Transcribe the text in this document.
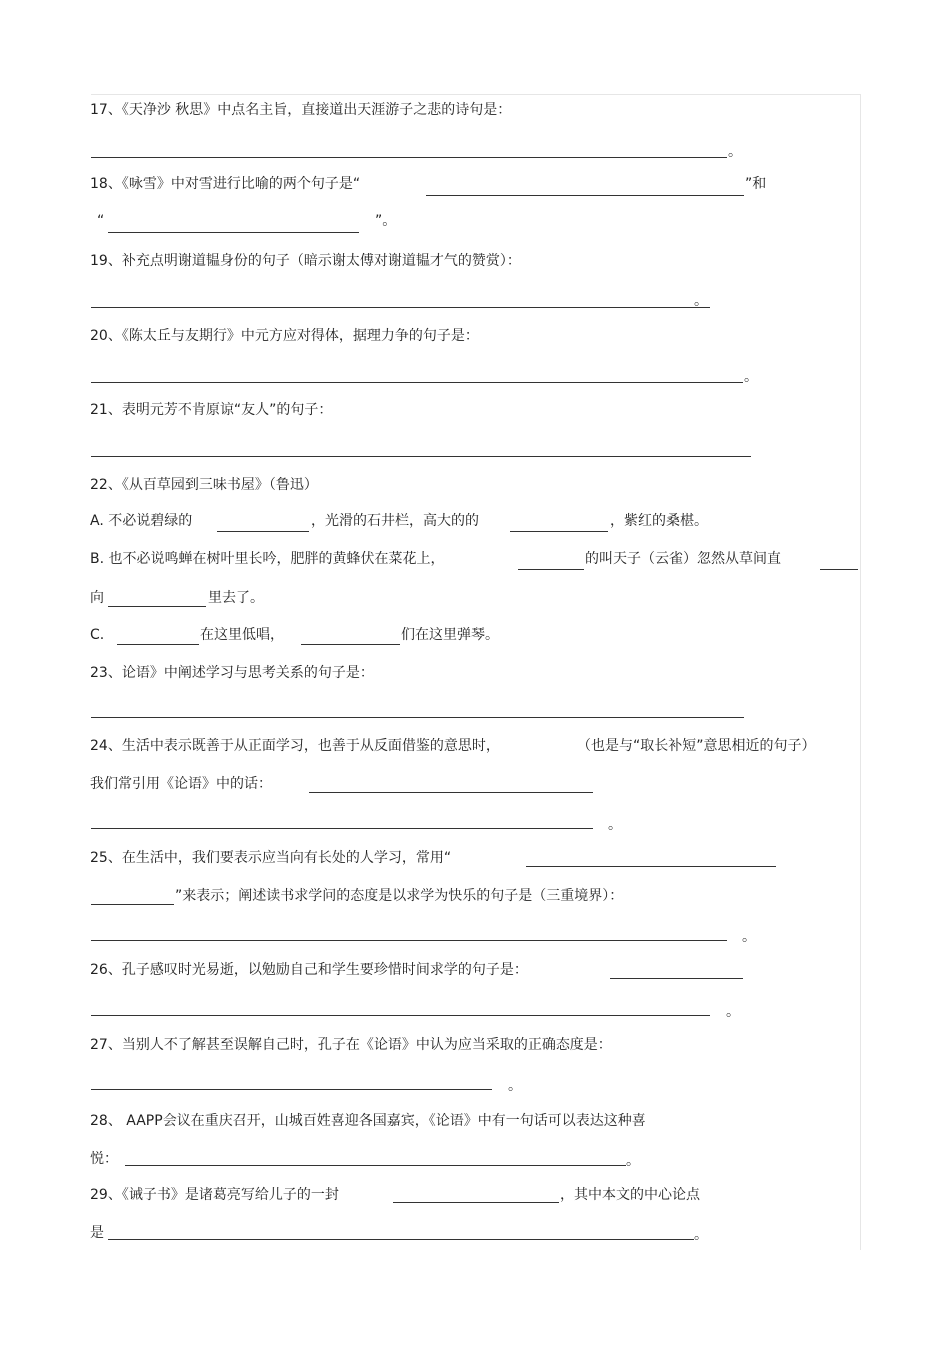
17、《天净沙 秋思》中点名主旨，直接道出天涯游子之悲的诗句是：
。
18、《咏雪》中对雪进行比喻的两个句子是“	”和
“	”。
19、补充点明谢道韫身份的句子（暗示谢太傅对谢道韫才气的赞赏）：
。
20、《陈太丘与友期行》中元方应对得体，据理力争的句子是：
。
21、表明元芳不肯原谅“友人”的句子：
22、《从百草园到三味书屋》（鲁迅）
A. 不必说碧绿的	，光滑的石井栏，高大的的	，紫红的桑椹。
B. 也不必说鸣蝉在树叶里长吟，肥胖的黄蜂伏在菜花上，	的叫天子（云雀）忽然从草间直
向	里去了。
C.	在这里低唱，	们在这里弹琴。
23、论语》中阐述学习与思考关系的句子是：
24、生活中表示既善于从正面学习，也善于从反面借鉴的意思时，	（也是与“取长补短”意思相近的句子）
我们常引用《论语》中的话：
。
25、在生活中，我们要表示应当向有长处的人学习，常用“
”来表示；阐述读书求学问的态度是以求学为快乐的句子是（三重境界）：
。
26、孔子感叹时光易逝，以勉励自己和学生要珍惜时间求学的句子是：
。
27、当别人不了解甚至误解自己时，孔子在《论语》中认为应当采取的正确态度是：
。
28、 AAPP会议在重庆召开，山城百姓喜迎各国嘉宾，《论语》中有一句话可以表达这种喜
悦：	。
29、《诫子书》是诸葛亮写给儿子的一封	，其中本文的中心论点
是	。
